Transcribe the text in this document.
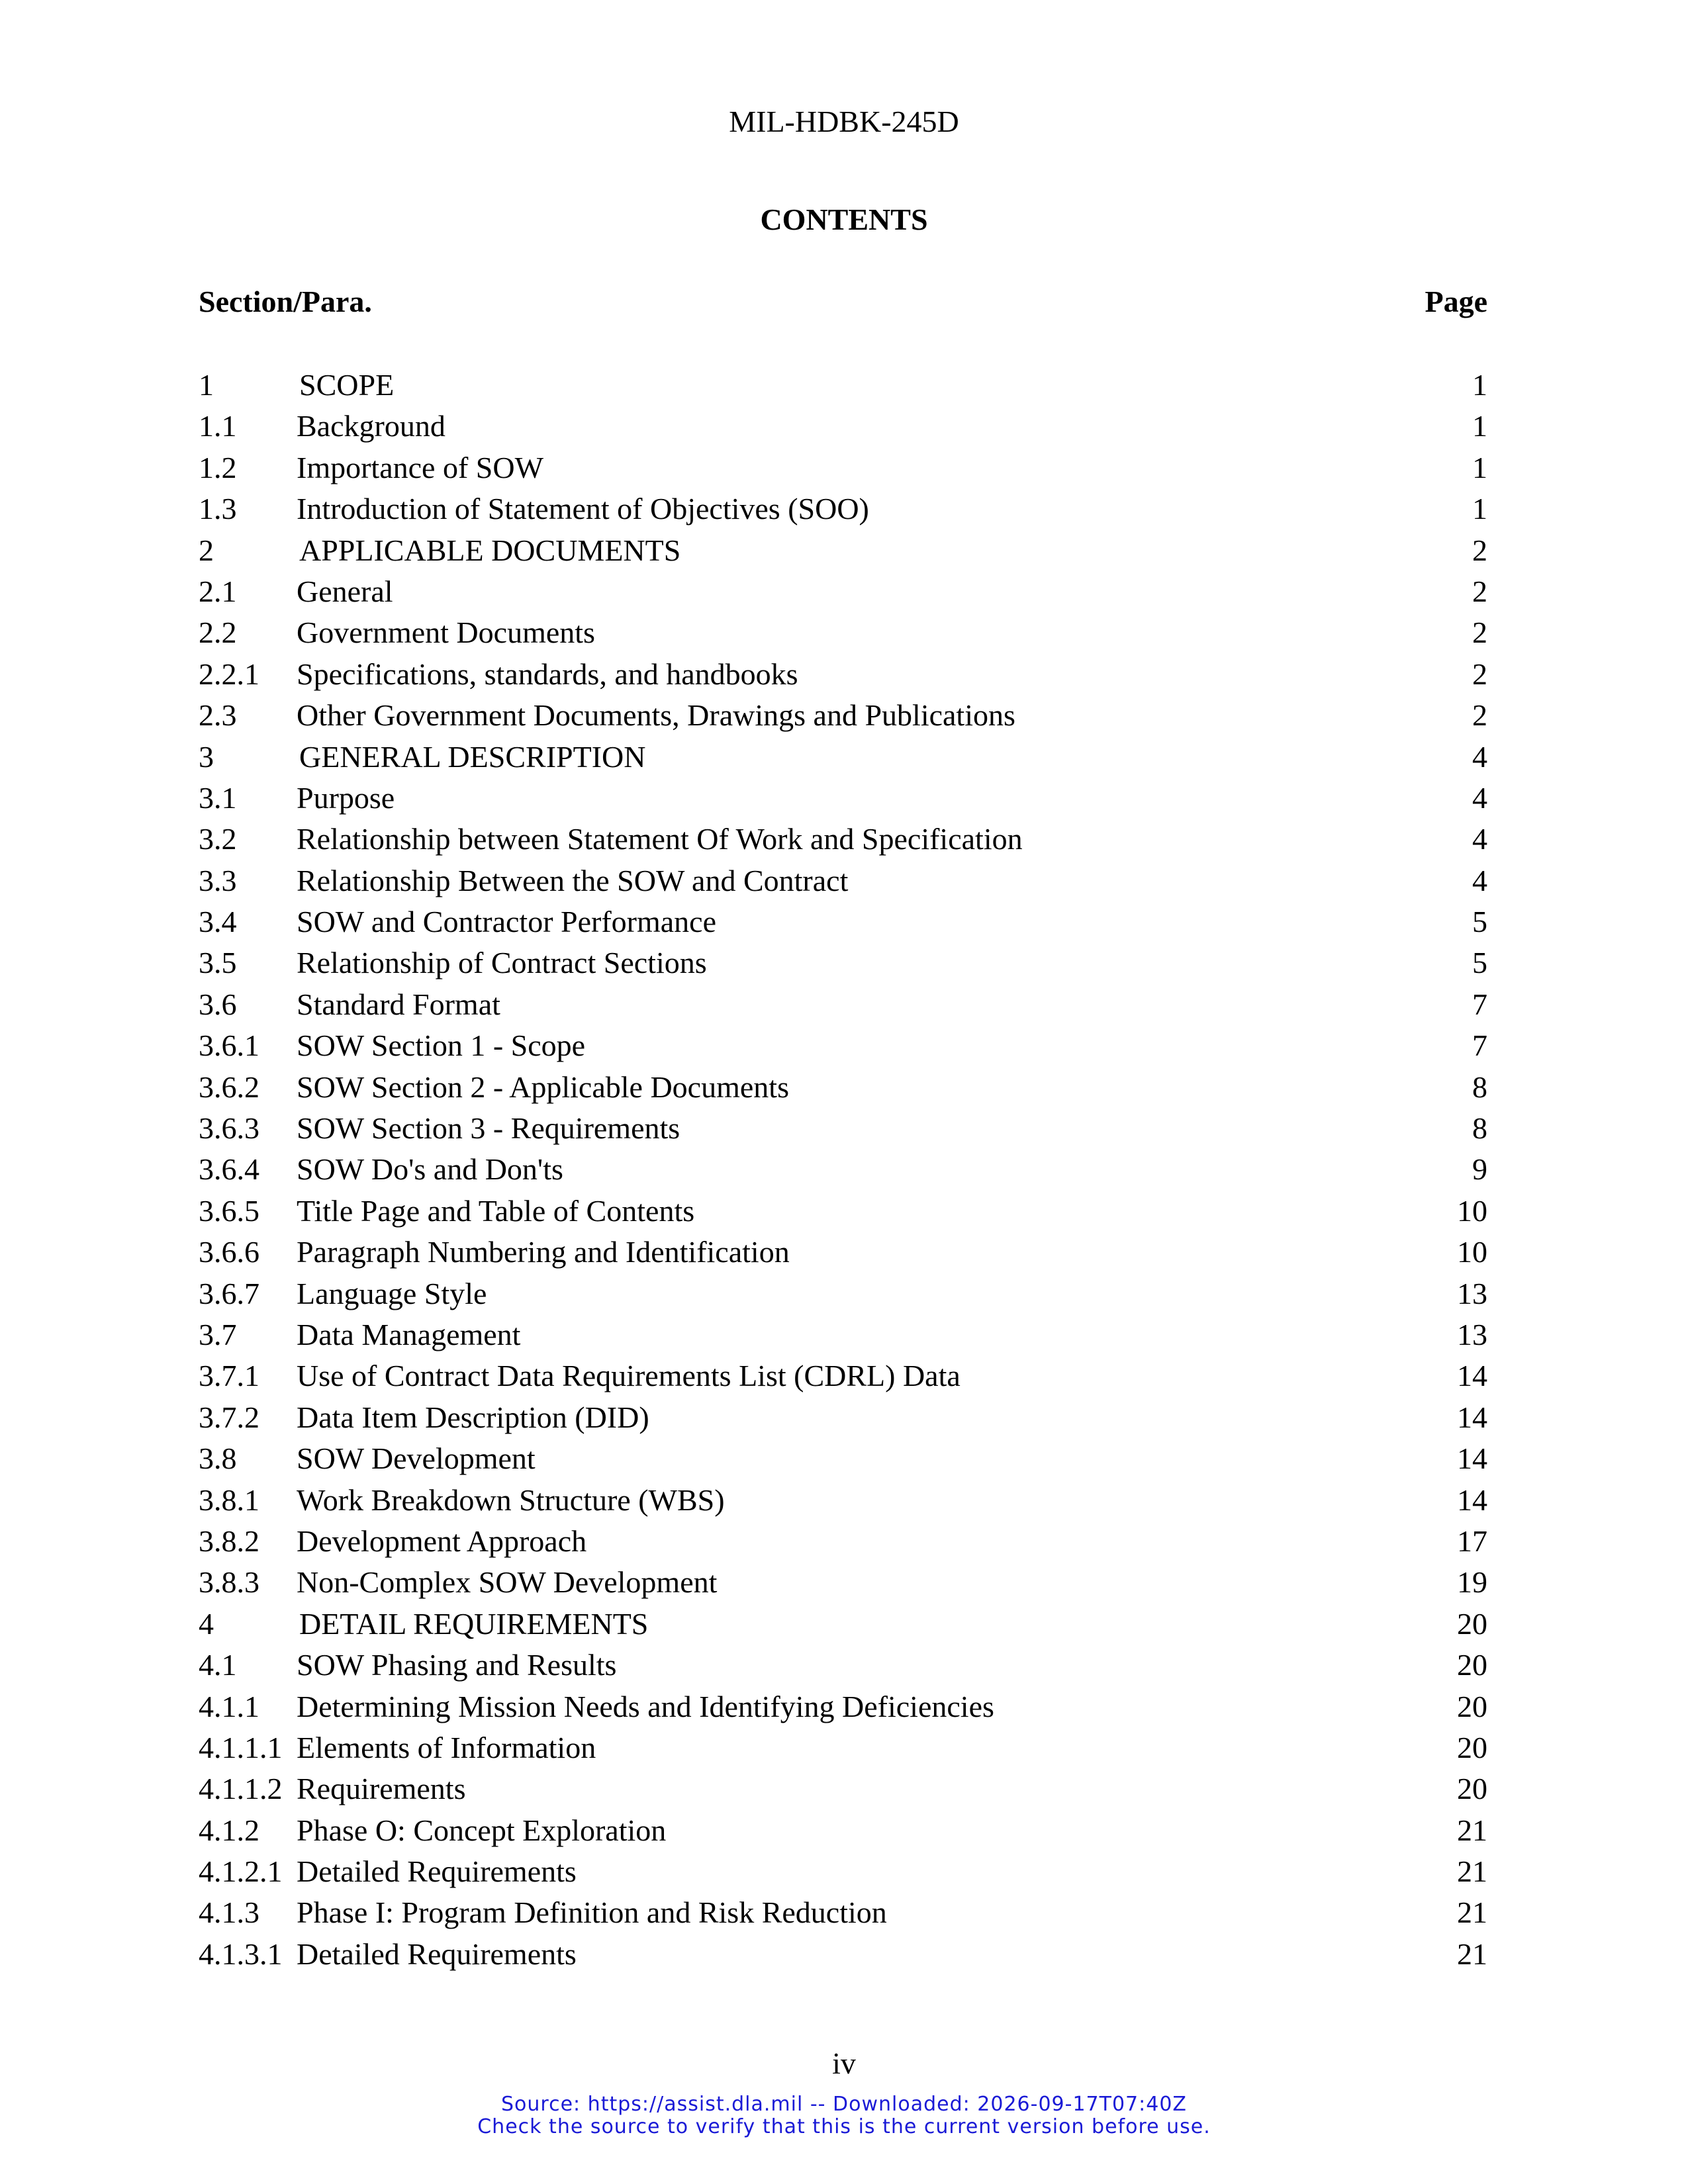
MIL-HDBK-245D
CONTENTS
Section/Para.	Page
1	SCOPE	1
1.1 Background	1
1.2 Importance of SOW	1
1.3 Introduction of Statement of Objectives (SOO)	1
2	APPLICABLE DOCUMENTS	2
2.1 General	2
2.2 Government Documents	2
2.2.1 Specifications, standards, and handbooks	2
2.3 Other Government Documents, Drawings and Publications	2
3	GENERAL DESCRIPTION	4
3.1 Purpose	4
3.2 Relationship between Statement Of Work and Specification	4
3.3 Relationship Between the SOW and Contract	4
3.4 SOW and Contractor Performance	5
3.5 Relationship of Contract Sections	5
3.6 Standard Format	7
3.6.1 SOW Section 1 - Scope	7
3.6.2 SOW Section 2 - Applicable Documents	8
3.6.3 SOW Section 3 - Requirements	8
3.6.4 SOW Do's and Don'ts	9
3.6.5 Title Page and Table of Contents	10
3.6.6 Paragraph Numbering and Identification	10
3.6.7 Language Style	13
3.7 Data Management	13
3.7.1 Use of Contract Data Requirements List (CDRL) Data	14
3.7.2 Data Item Description (DID)	14
3.8 SOW Development	14
3.8.1 Work Breakdown Structure (WBS)	14
3.8.2 Development Approach	17
3.8.3 Non-Complex SOW Development	19
4	DETAIL REQUIREMENTS	20
4.1 SOW Phasing and Results	20
4.1.1 Determining Mission Needs and Identifying Deficiencies	20
4.1.1.1 Elements of Information	20
4.1.1.2 Requirements	20
4.1.2 Phase O: Concept Exploration	21
4.1.2.1 Detailed Requirements	21
4.1.3 Phase I: Program Definition and Risk Reduction	21
4.1.3.1 Detailed Requirements	21
iv
Source: https://assist.dla.mil -- Downloaded: 2026-09-17T07:40Z
Check the source to verify that this is the current version before use.
